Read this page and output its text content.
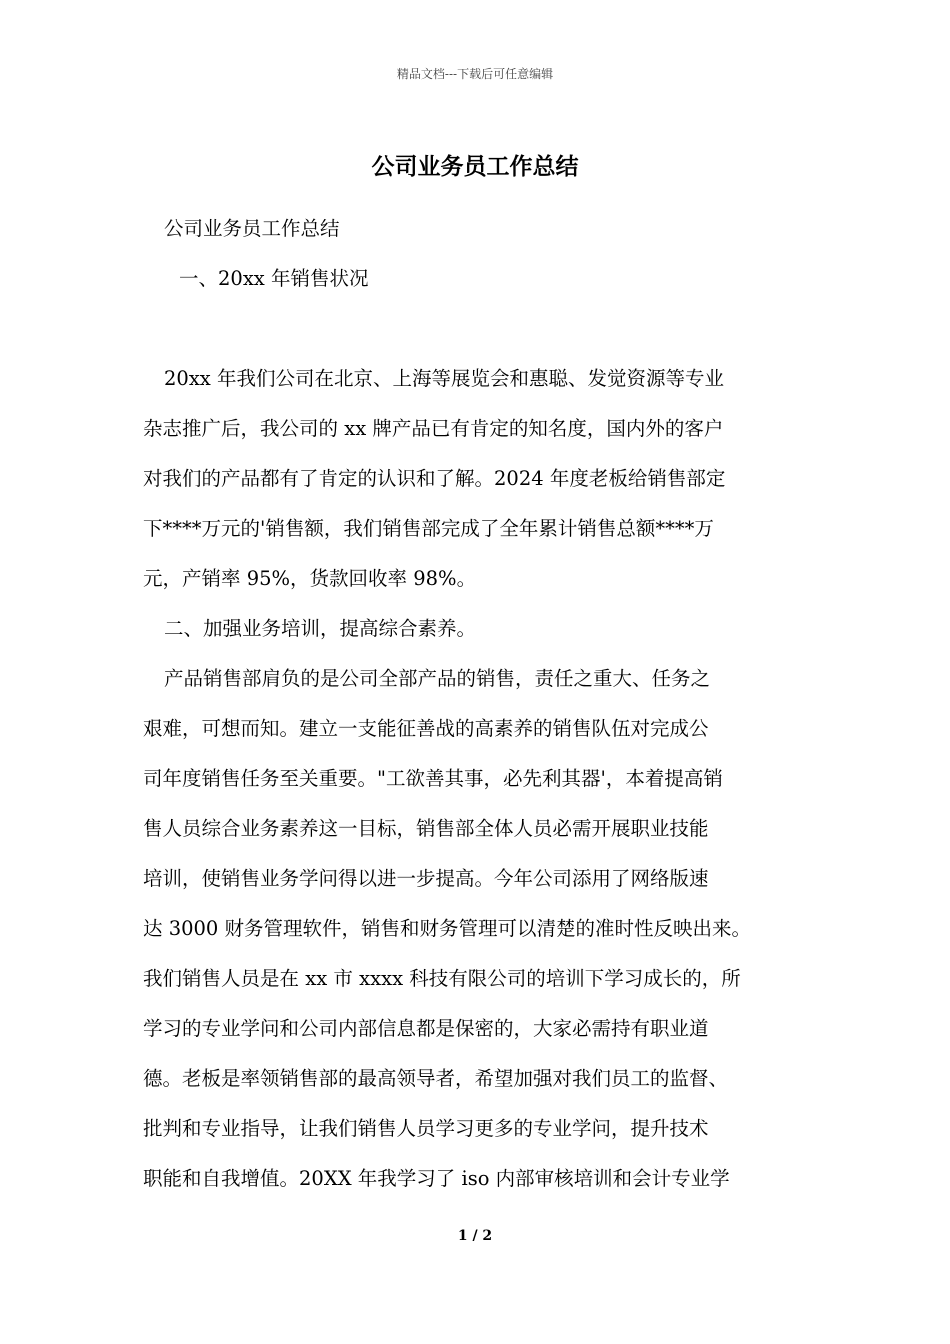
精品文档---下载后可任意编辑
公司业务员工作总结
公司业务员工作总结
一、20xx 年销售状况
20xx 年我们公司在北京、上海等展览会和惠聪、发觉资源等专业
杂志推广后，我公司的 xx 牌产品已有肯定的知名度，国内外的客户
对我们的产品都有了肯定的认识和了解。2024 年度老板给销售部定
下****万元的'销售额，我们销售部完成了全年累计销售总额****万
元，产销率 95%，货款回收率 98%。
二、加强业务培训，提高综合素养。
产品销售部肩负的是公司全部产品的销售，责任之重大、任务之
艰难，可想而知。建立一支能征善战的高素养的销售队伍对完成公
司年度销售任务至关重要。"工欲善其事，必先利其器'，本着提高销
售人员综合业务素养这一目标，销售部全体人员必需开展职业技能
培训，使销售业务学问得以进一步提高。今年公司添用了网络版速
达 3000 财务管理软件，销售和财务管理可以清楚的准时性反映出来。
我们销售人员是在 xx 市 xxxx 科技有限公司的培训下学习成长的，所
学习的专业学问和公司内部信息都是保密的，大家必需持有职业道
德。老板是率领销售部的最高领导者，希望加强对我们员工的监督、
批判和专业指导，让我们销售人员学习更多的专业学问，提升技术
职能和自我增值。20XX 年我学习了 iso 内部审核培训和会计专业学
1 / 2
